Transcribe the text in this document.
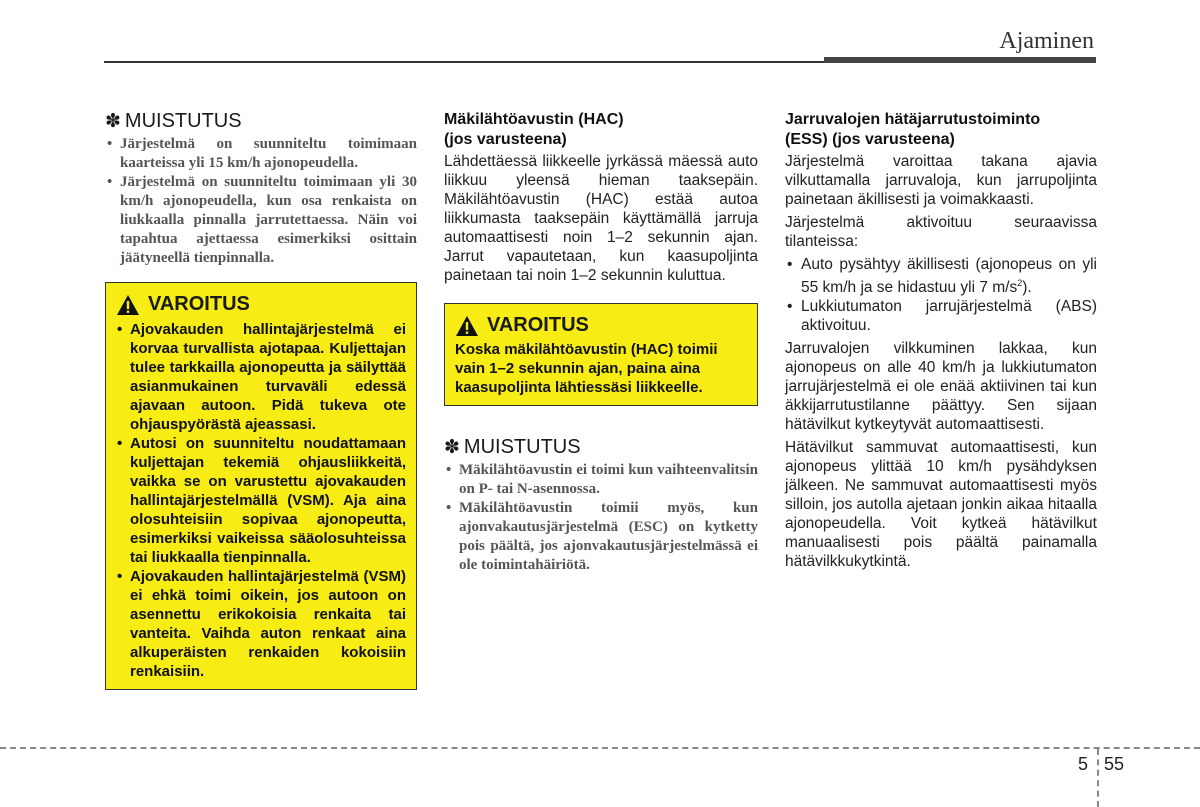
Ajaminen
✽ MUISTUTUS
• Järjestelmä on suunniteltu toimimaan kaarteissa yli 15 km/h ajonopeudella.
• Järjestelmä on suunniteltu toimimaan yli 30 km/h ajonopeudella, kun osa renkaista on liukkaalla pinnalla jarrutettaessa. Näin voi tapahtua ajettaessa esimerkiksi osittain jäätyneellä tienpinnalla.
VAROITUS
• Ajovakauden hallintajärjestelmä ei korvaa turvallista ajotapaa. Kuljettajan tulee tarkkailla ajonopeutta ja säilyttää asianmukainen turvaväli edessä ajavaan autoon. Pidä tukeva ote ohjauspyörästä ajeassasi.
• Autosi on suunniteltu noudattamaan kuljettajan tekemiä ohjausliikkeitä, vaikka se on varustettu ajovakauden hallintajärjestelmällä (VSM). Aja aina olosuhteisiin sopivaa ajonopeutta, esimerkiksi vaikeissa sääolosuhteissa tai liukkaalla tienpinnalla.
• Ajovakauden hallintajärjestelmä (VSM) ei ehkä toimi oikein, jos autoon on asennettu erikokoisia renkaita tai vanteita. Vaihda auton renkaat aina alkuperäisten renkaiden kokoisiin renkaisiin.
Mäkilähtöavustin (HAC)
(jos varusteena)

Lähdettäessä liikkeelle jyrkässä mäessä auto liikkuu yleensä hieman taaksepäin. Mäkilähtöavustin (HAC) estää autoa liikkumasta taaksepäin käyttämällä jarruja automaattisesti noin 1–2 sekunnin ajan. Jarrut vapautetaan, kun kaasupoljinta painetaan tai noin 1–2 sekunnin kuluttua.

VAROITUS
Koska mäkilähtöavustin (HAC) toimii vain 1–2 sekunnin ajan, paina aina kaasupoljinta lähtiessäsi liikkeelle.
✽ MUISTUTUS
• Mäkilähtöavustin ei toimi kun vaihteenvalitsin on P- tai N-asennossa.
• Mäkilähtöavustin toimii myös, kun ajonvakautusjärjestelmä (ESC) on kytketty pois päältä, jos ajonvakautusjärjestelmässä ei ole toimintahäiriötä.
Jarruvalojen hätäjarrutustoiminto
(ESS) (jos varusteena)

Järjestelmä varoittaa takana ajavia vilkuttamalla jarruvaloja, kun jarrupoljinta painetaan äkillisesti ja voimakkaasti.

Järjestelmä aktivoituu seuraavissa tilanteissa:

• Auto pysähtyy äkillisesti (ajonopeus on yli 55 km/h ja se hidastuu yli 7 $m/s^2$).
• Lukkiutumaton jarrujärjestelmä (ABS) aktivoituu.

Jarruvalojen vilkkuminen lakkaa, kun ajonopeus on alle 40 km/h ja lukkiutumaton jarrujärjestelmä ei ole enää aktiivinen tai kun äkkijarrutustilanne päättyy. Sen sijaan hätävilkut kytkeytyvät automaattisesti.

Hätävilkut sammuvat automaattisesti, kun ajonopeus ylittää 10 km/h pysähdyksen jälkeen. Ne sammuvat automaattisesti myös silloin, jos autolla ajetaan jonkin aikaa hitaalla ajonopeudella. Voit kytkeä hätävilkut manuaalisesti pois päältä painamalla hätävilkkukytkintä.

5 55
